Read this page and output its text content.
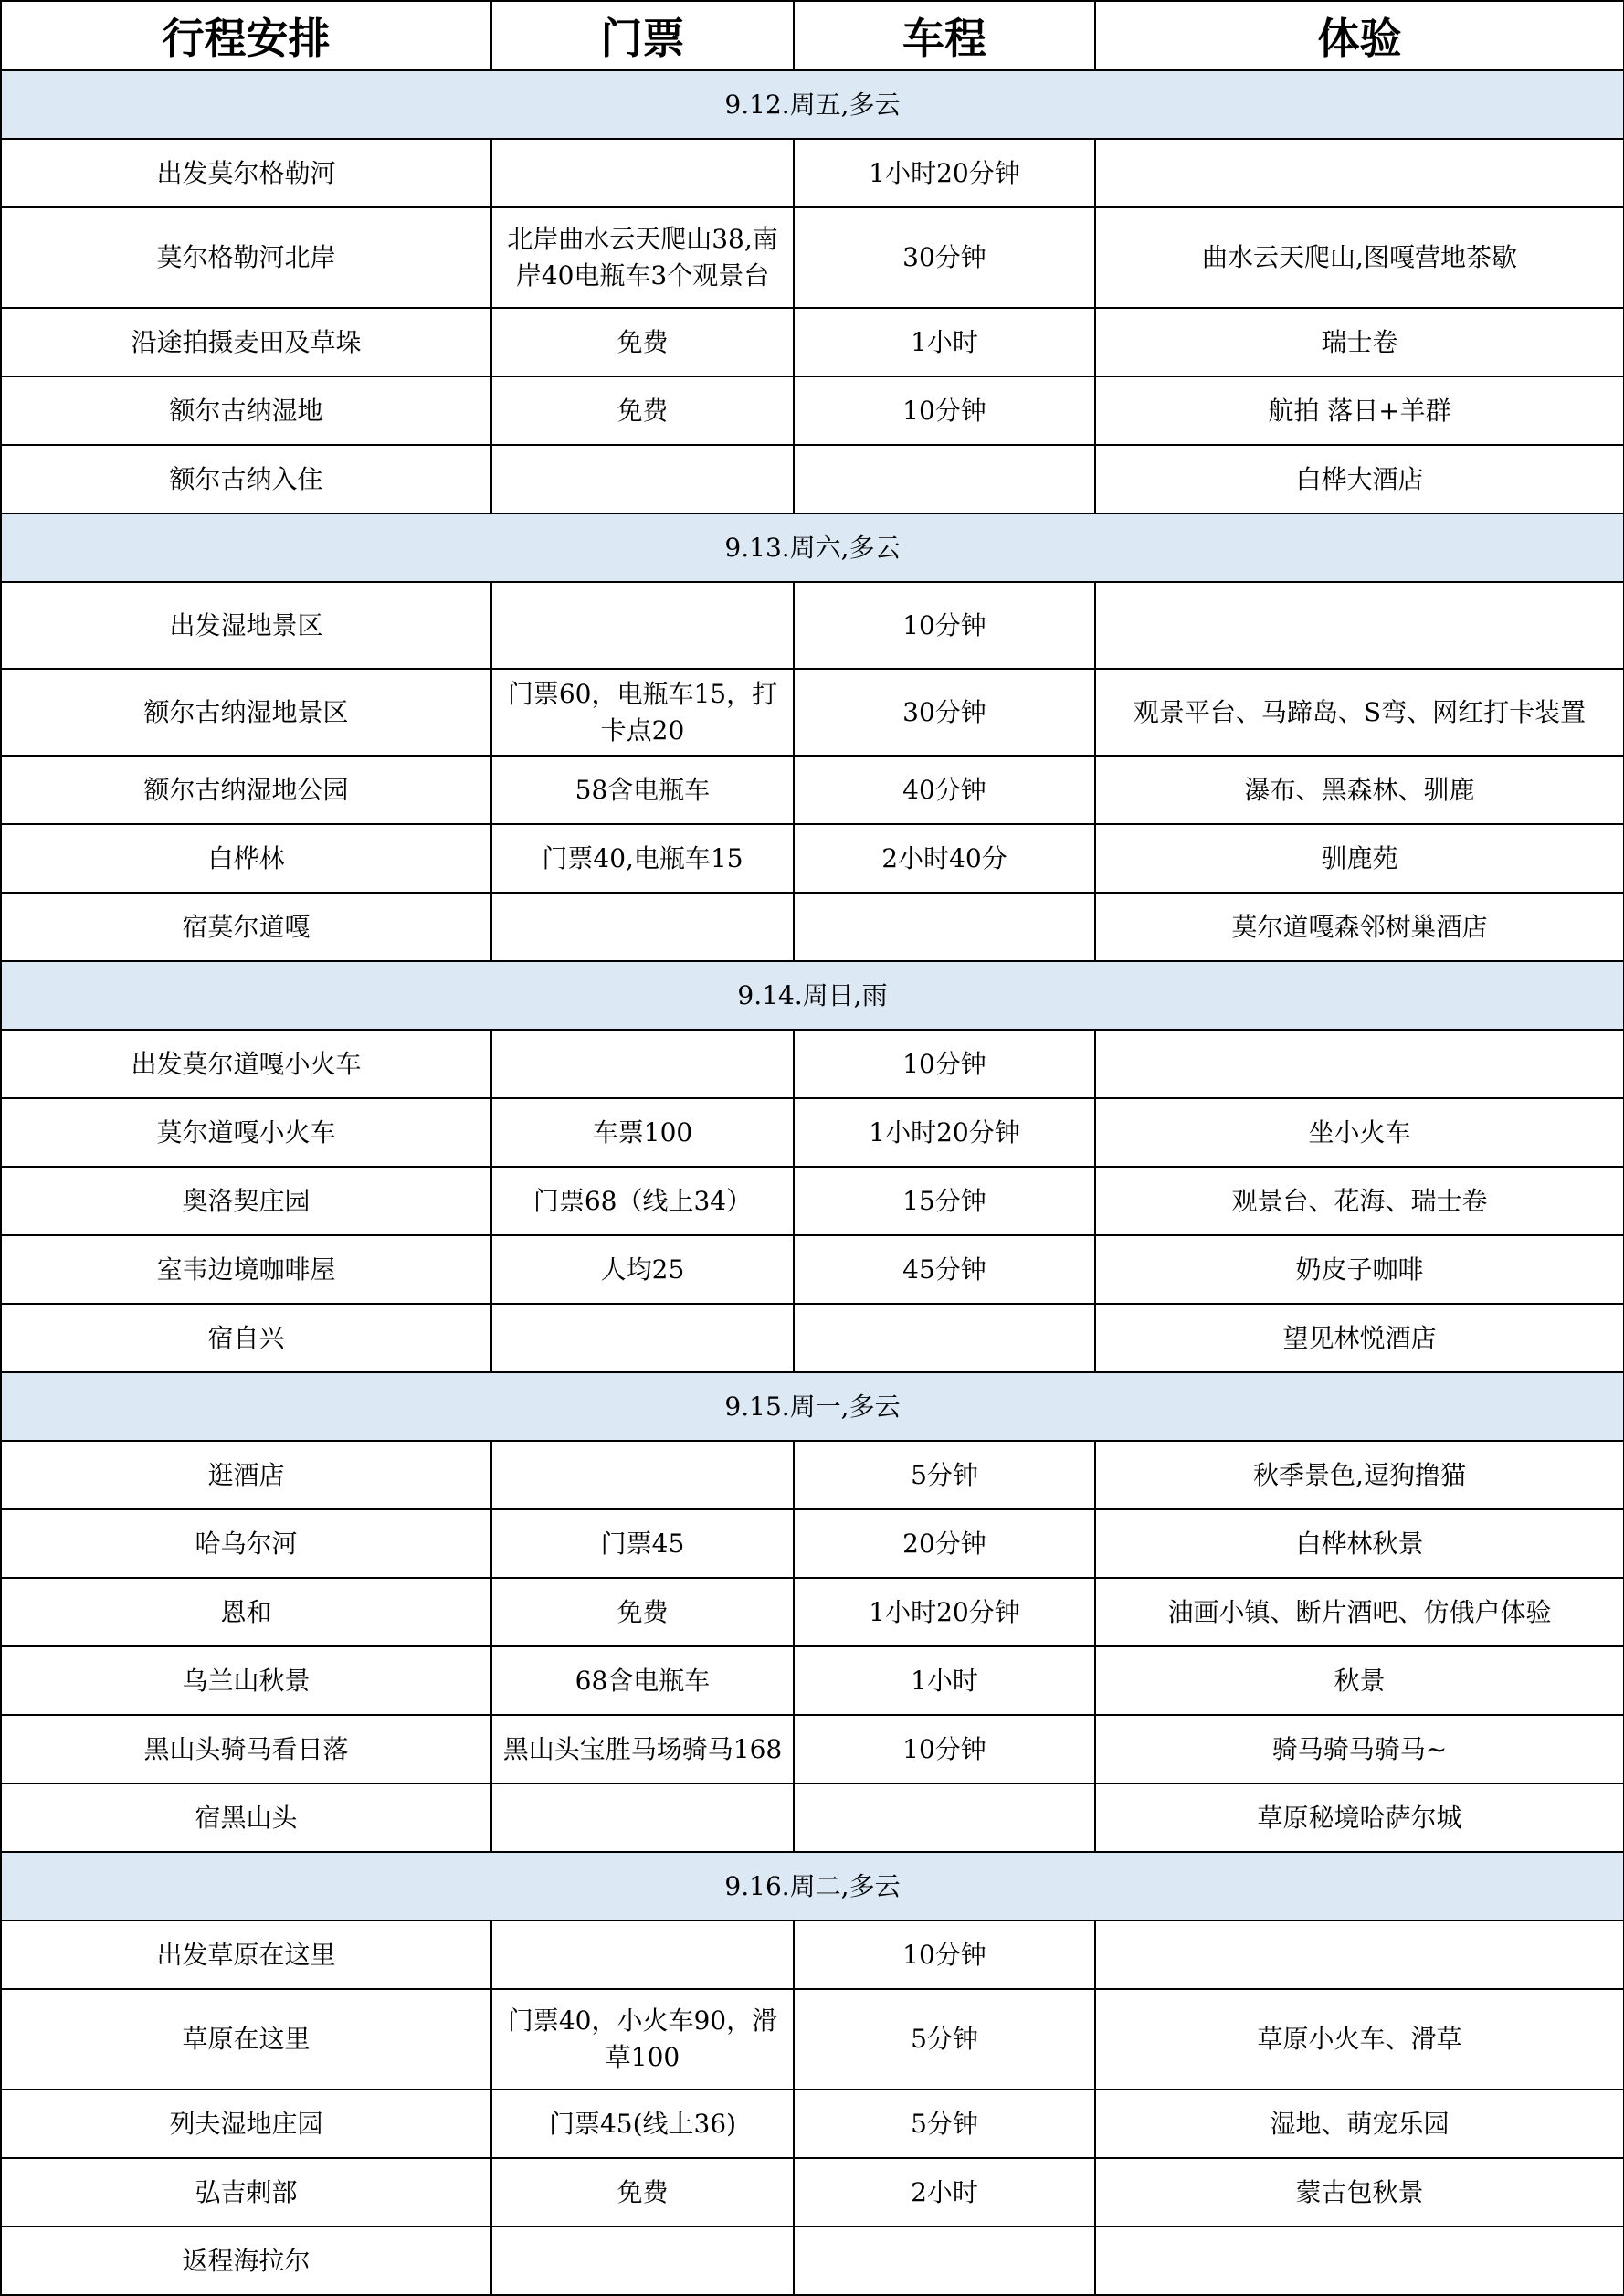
行程安排	门票	车程	体验
9.12.周五,多云			
出发莫尔格勒河		1小时20分钟	
莫尔格勒河北岸	北岸曲水云天爬山38,南岸40电瓶车3个观景台	30分钟	曲水云天爬山,图嘎营地茶歇
沿途拍摄麦田及草垛	免费	1小时	瑞士卷
额尔古纳湿地	免费	10分钟	航拍 落日+羊群
额尔古纳入住			白桦大酒店
9.13.周六,多云			
出发湿地景区		10分钟	
额尔古纳湿地景区	门票60，电瓶车15，打卡点20	30分钟	观景平台、马蹄岛、S弯、网红打卡装置
额尔古纳湿地公园	58含电瓶车	40分钟	瀑布、黑森林、驯鹿
白桦林	门票40,电瓶车15	2小时40分	驯鹿苑
宿莫尔道嘎			莫尔道嘎森邻树巢酒店
9.14.周日,雨			
出发莫尔道嘎小火车		10分钟	
莫尔道嘎小火车	车票100	1小时20分钟	坐小火车
奥洛契庄园	门票68（线上34）	15分钟	观景台、花海、瑞士卷
室韦边境咖啡屋	人均25	45分钟	奶皮子咖啡
宿自兴			望见林悦酒店
9.15.周一,多云			
逛酒店		5分钟	秋季景色,逗狗撸猫
哈乌尔河	门票45	20分钟	白桦林秋景
恩和	免费	1小时20分钟	油画小镇、断片酒吧、仿俄户体验
乌兰山秋景	68含电瓶车	1小时	秋景
黑山头骑马看日落	黑山头宝胜马场骑马168	10分钟	骑马骑马骑马~
宿黑山头			草原秘境哈萨尔城
9.16.周二,多云			
出发草原在这里		10分钟	
草原在这里	门票40，小火车90，滑草100	5分钟	草原小火车、滑草
列夫湿地庄园	门票45(线上36)	5分钟	湿地、萌宠乐园
弘吉剌部	免费	2小时	蒙古包秋景
返程海拉尔			
